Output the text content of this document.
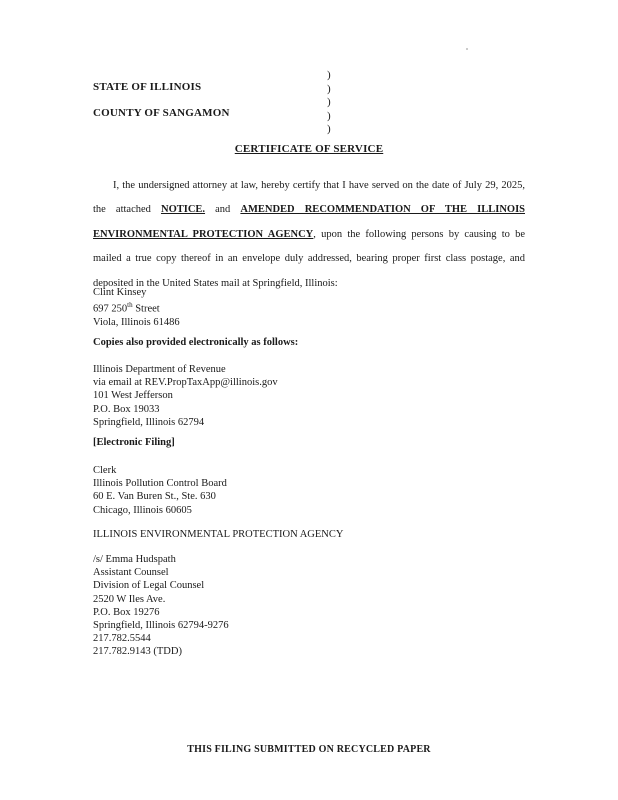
STATE OF ILLINOIS
COUNTY OF SANGAMON
)
)
)
)
)
CERTIFICATE OF SERVICE
I, the undersigned attorney at law, hereby certify that I have served on the date of July 29, 2025, the attached NOTICE. and AMENDED RECOMMENDATION OF THE ILLINOIS ENVIRONMENTAL PROTECTION AGENCY, upon the following persons by causing to be mailed a true copy thereof in an envelope duly addressed, bearing proper first class postage, and deposited in the United States mail at Springfield, Illinois:
Clint Kinsey
697 250th Street
Viola, Illinois 61486
Copies also provided electronically as follows:
Illinois Department of Revenue
via email at REV.PropTaxApp@illinois.gov
101 West Jefferson
P.O. Box 19033
Springfield, Illinois 62794
[Electronic Filing]
Clerk
Illinois Pollution Control Board
60 E. Van Buren St., Ste. 630
Chicago, Illinois 60605
ILLINOIS ENVIRONMENTAL PROTECTION AGENCY
/s/ Emma Hudspath
Assistant Counsel
Division of Legal Counsel
2520 W Iles Ave.
P.O. Box 19276
Springfield, Illinois 62794-9276
217.782.5544
217.782.9143 (TDD)
THIS FILING SUBMITTED ON RECYCLED PAPER
